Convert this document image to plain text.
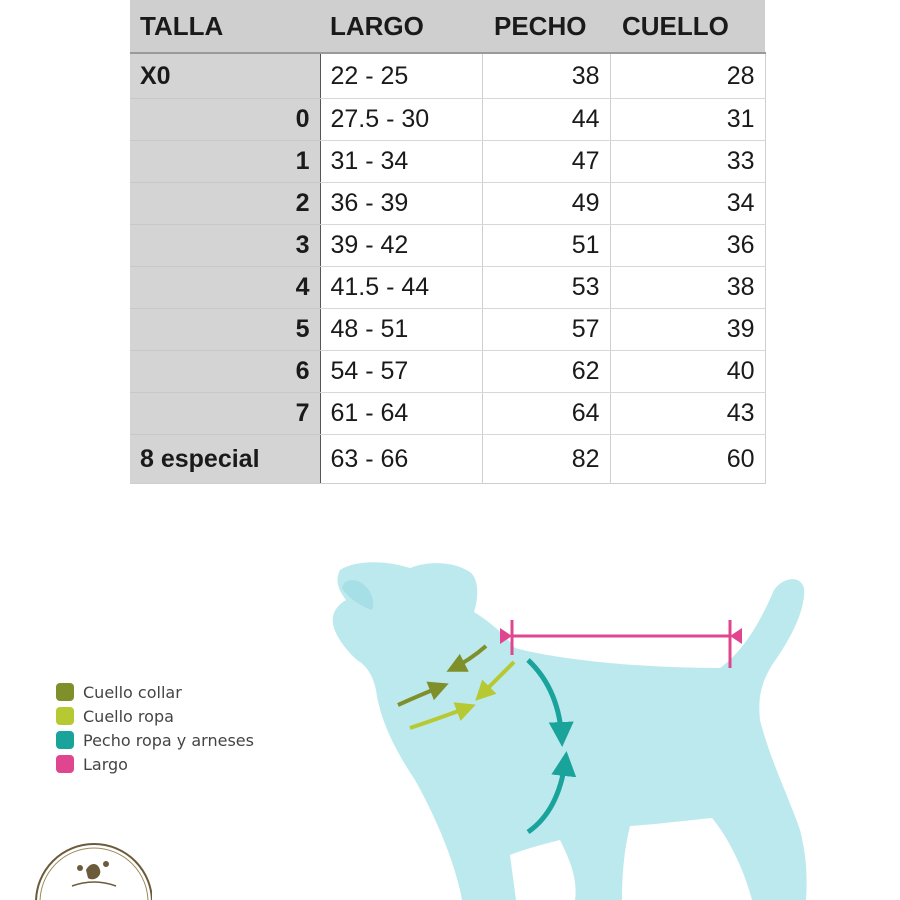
TALLA	LARGO	PECHO	CUELLO
X0	22 - 25	38	28
0	27.5 - 30	44	31
1	31 - 34	47	33
2	36 - 39	49	34
3	39 - 42	51	36
4	41.5 - 44	53	38
5	48 - 51	57	39
6	54 - 57	62	40
7	61 - 64	64	43
8 especial	63 - 66	82	60
Cuello collar
Cuello ropa
Pecho ropa y arneses
Largo
